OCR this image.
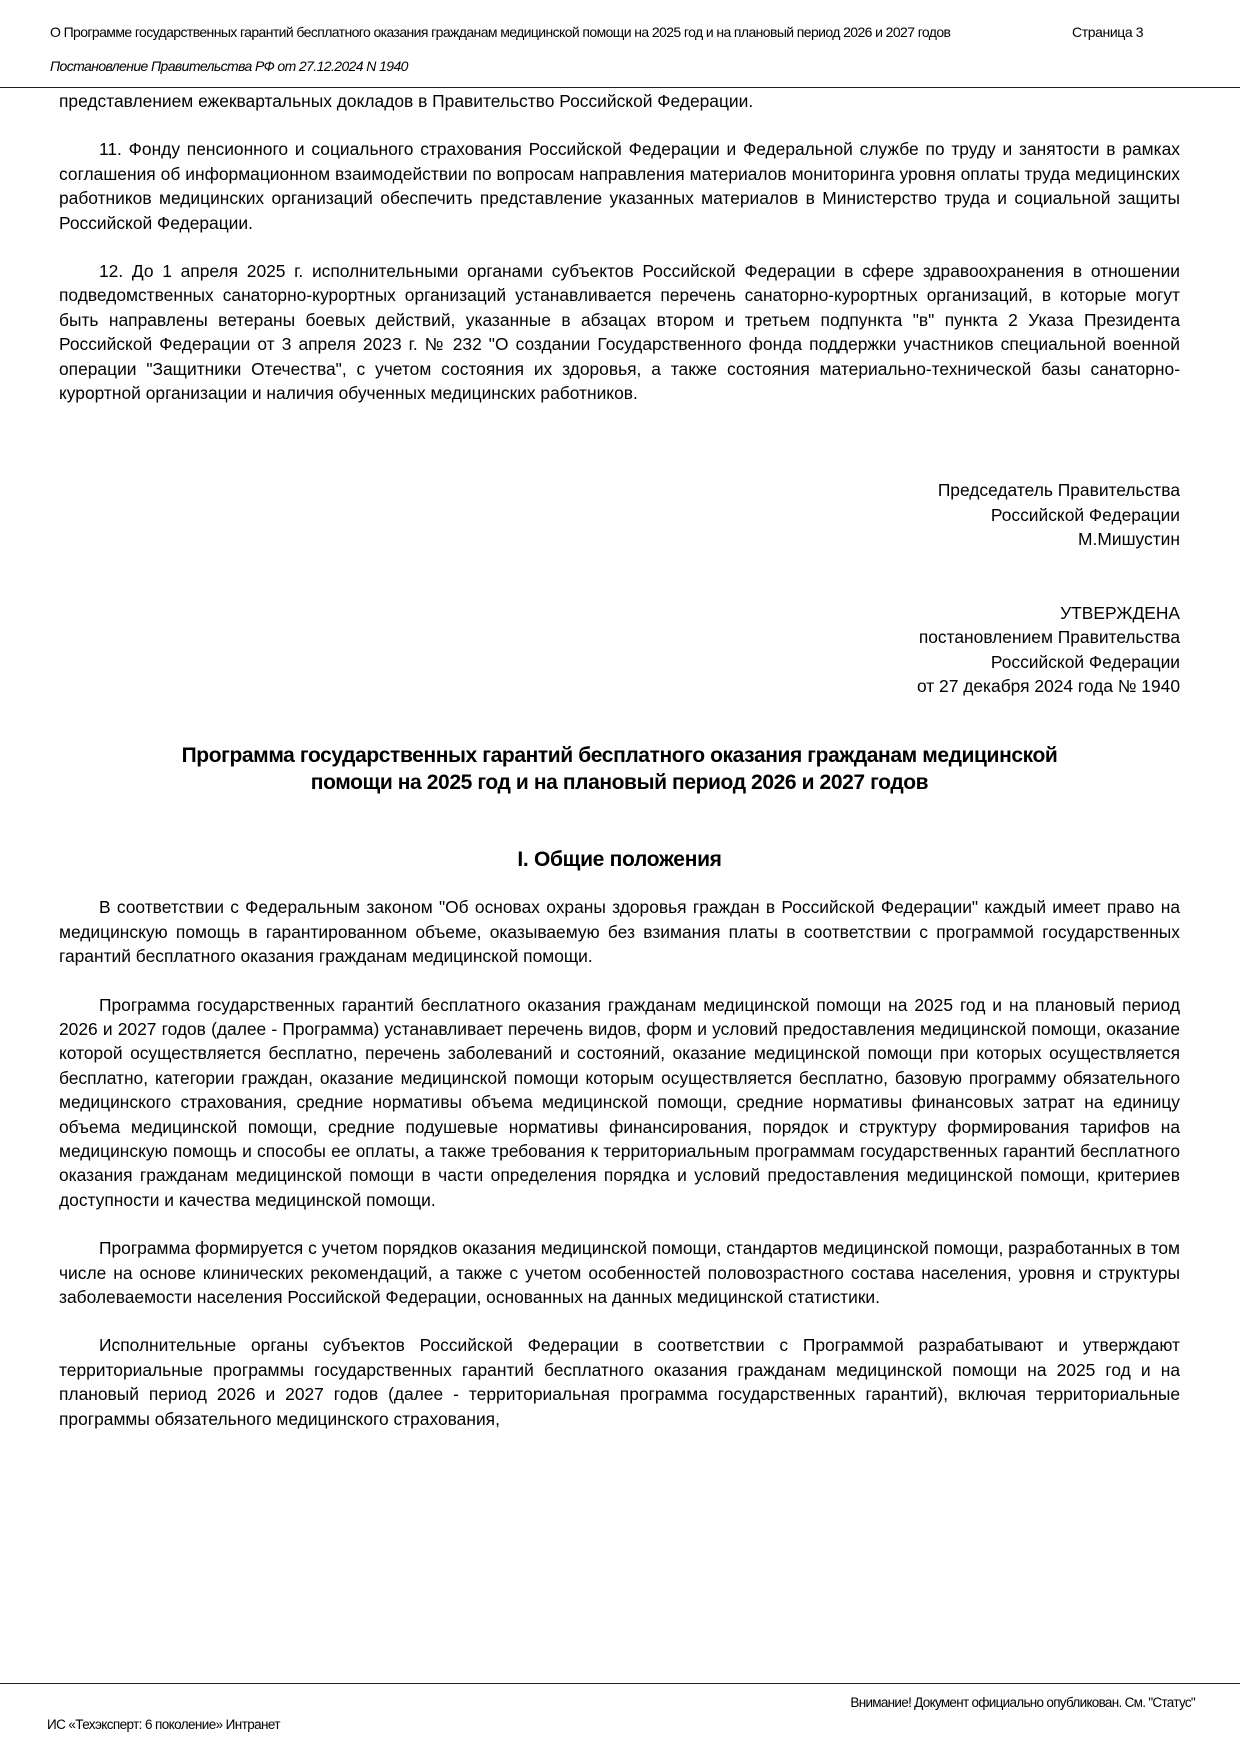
О Программе государственных гарантий бесплатного оказания гражданам медицинской помощи на 2025 год и на плановый период 2026 и 2027 годов
Постановление Правительства РФ от 27.12.2024 N 1940
Страница 3

представлением ежеквартальных докладов в Правительство Российской Федерации.

11. Фонду пенсионного и социального страхования Российской Федерации и Федеральной службе по труду и занятости в рамках соглашения об информационном взаимодействии по вопросам направления материалов мониторинга уровня оплаты труда медицинских работников медицинских организаций обеспечить представление указанных материалов в Министерство труда и социальной защиты Российской Федерации.

12. До 1 апреля 2025 г. исполнительными органами субъектов Российской Федерации в сфере здравоохранения в отношении подведомственных санаторно-курортных организаций устанавливается перечень санаторно-курортных организаций, в которые могут быть направлены ветераны боевых действий, указанные в абзацах втором и третьем подпункта "в" пункта 2 Указа Президента Российской Федерации от 3 апреля 2023 г. № 232 "О создании Государственного фонда поддержки участников специальной военной операции "Защитники Отечества", с учетом состояния их здоровья, а также состояния материально-технической базы санаторно-курортной организации и наличия обученных медицинских работников.

Председатель Правительства
Российской Федерации
М.Мишустин
УТВЕРЖДЕНА
постановлением Правительства
Российской Федерации
от 27 декабря 2024 года № 1940
Программа государственных гарантий бесплатного оказания гражданам медицинской
помощи на 2025 год и на плановый период 2026 и 2027 годов
I. Общие положения

В соответствии с Федеральным законом "Об основах охраны здоровья граждан в Российской Федерации" каждый имеет право на медицинскую помощь в гарантированном объеме, оказываемую без взимания платы в соответствии с программой государственных гарантий бесплатного оказания гражданам медицинской помощи.

Программа государственных гарантий бесплатного оказания гражданам медицинской помощи на 2025 год и на плановый период 2026 и 2027 годов (далее - Программа) устанавливает перечень видов, форм и условий предоставления медицинской помощи, оказание которой осуществляется бесплатно, перечень заболеваний и состояний, оказание медицинской помощи при которых осуществляется бесплатно, категории граждан, оказание медицинской помощи которым осуществляется бесплатно, базовую программу обязательного медицинского страхования, средние нормативы объема медицинской помощи, средние нормативы финансовых затрат на единицу объема медицинской помощи, средние подушевые нормативы финансирования, порядок и структуру формирования тарифов на медицинскую помощь и способы ее оплаты, а также требования к территориальным программам государственных гарантий бесплатного оказания гражданам медицинской помощи в части определения порядка и условий предоставления медицинской помощи, критериев доступности и качества медицинской помощи.

Программа формируется с учетом порядков оказания медицинской помощи, стандартов медицинской помощи, разработанных в том числе на основе клинических рекомендаций, а также с учетом особенностей половозрастного состава населения, уровня и структуры заболеваемости населения Российской Федерации, основанных на данных медицинской статистики.

Исполнительные органы субъектов Российской Федерации в соответствии с Программой разрабатывают и утверждают территориальные программы государственных гарантий бесплатного оказания гражданам медицинской помощи на 2025 год и на плановый период 2026 и 2027 годов (далее - территориальная программа государственных гарантий), включая территориальные программы обязательного медицинского страхования,

Внимание! Документ официально опубликован. См. "Статус"
ИС «Техэксперт: 6 поколение» Интранет
